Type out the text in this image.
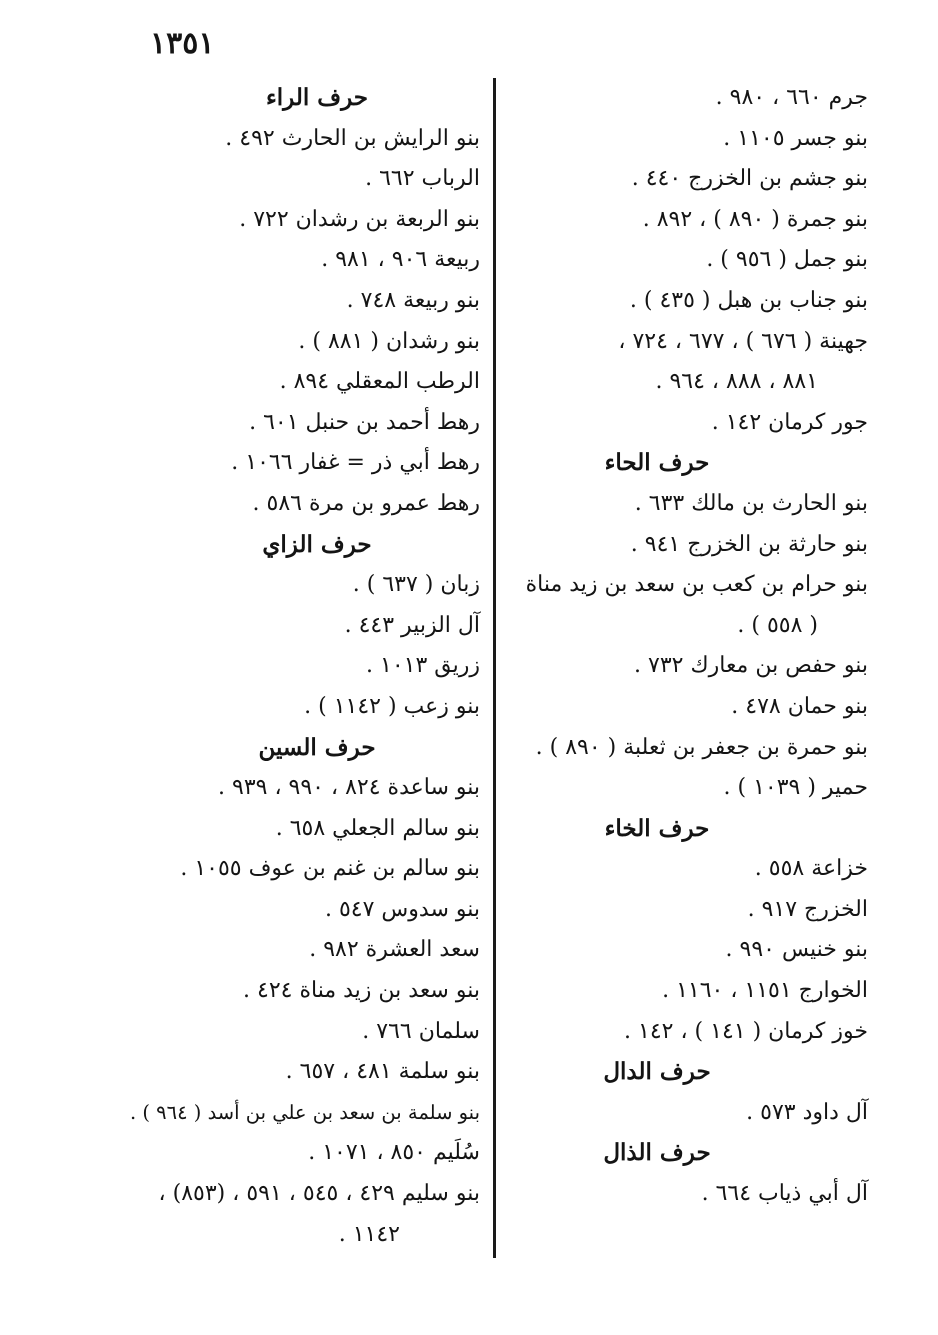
١٣٥١
جرم ٦٦٠ ، ٩٨٠ .
بنو جسر ١١٠٥ .
بنو جشم بن الخزرج ٤٤٠ .
بنو جمرة ( ٨٩٠ ) ، ٨٩٢ .
بنو جمل ( ٩٥٦ ) .
بنو جناب بن هبل ( ٤٣٥ ) .
جهينة ( ٦٧٦ ) ، ٦٧٧ ، ٧٢٤ ،
٨٨١ ، ٨٨٨ ، ٩٦٤ .
جور كرمان ١٤٢ .
حرف الحاء
بنو الحارث بن مالك ٦٣٣ .
بنو حارثة بن الخزرج ٩٤١ .
بنو حرام بن كعب بن سعد بن زيد مناة
( ٥٥٨ ) .
بنو حفص بن معارك ٧٣٢ .
بنو حمان ٤٧٨ .
بنو حمرة بن جعفر بن ثعلبة ( ٨٩٠ ) .
حمير ( ١٠٣٩ ) .
حرف الخاء
خزاعة ٥٥٨ .
الخزرج ٩١٧ .
بنو خنيس ٩٩٠ .
الخوارج ١١٥١ ، ١١٦٠ .
خوز كرمان ( ١٤١ ) ، ١٤٢ .
حرف الدال
آل داود ٥٧٣ .
حرف الذال
آل أبي ذياب ٦٦٤ .
حرف الراء
بنو الرايش بن الحارث ٤٩٢ .
الرباب ٦٦٢ .
بنو الربعة بن رشدان ٧٢٢ .
ربيعة ٩٠٦ ، ٩٨١ .
بنو ربيعة ٧٤٨ .
بنو رشدان ( ٨٨١ ) .
الرطب المعقلي ٨٩٤ .
رهط أحمد بن حنبل ٦٠١ .
رهط أبي ذر = غفار ١٠٦٦ .
رهط عمرو بن مرة ٥٨٦ .
حرف الزاي
زبان ( ٦٣٧ ) .
آل الزبير ٤٤٣ .
زريق ١٠١٣ .
بنو زعب ( ١١٤٢ ) .
حرف السين
بنو ساعدة ٨٢٤ ، ٩٩٠ ، ٩٣٩ .
بنو سالم الجعلي ٦٥٨ .
بنو سالم بن غنم بن عوف ١٠٥٥ .
بنو سدوس ٥٤٧ .
سعد العشرة ٩٨٢ .
بنو سعد بن زيد مناة ٤٢٤ .
سلمان ٧٦٦ .
بنو سلمة ٤٨١ ، ٦٥٧ .
بنو سلمة بن سعد بن علي بن أسد ( ٩٦٤ ) .
سُلَيم ٨٥٠ ، ١٠٧١ .
بنو سليم ٤٢٩ ، ٥٤٥ ، ٥٩١ ، (٨٥٣) ،
١١٤٢ .
